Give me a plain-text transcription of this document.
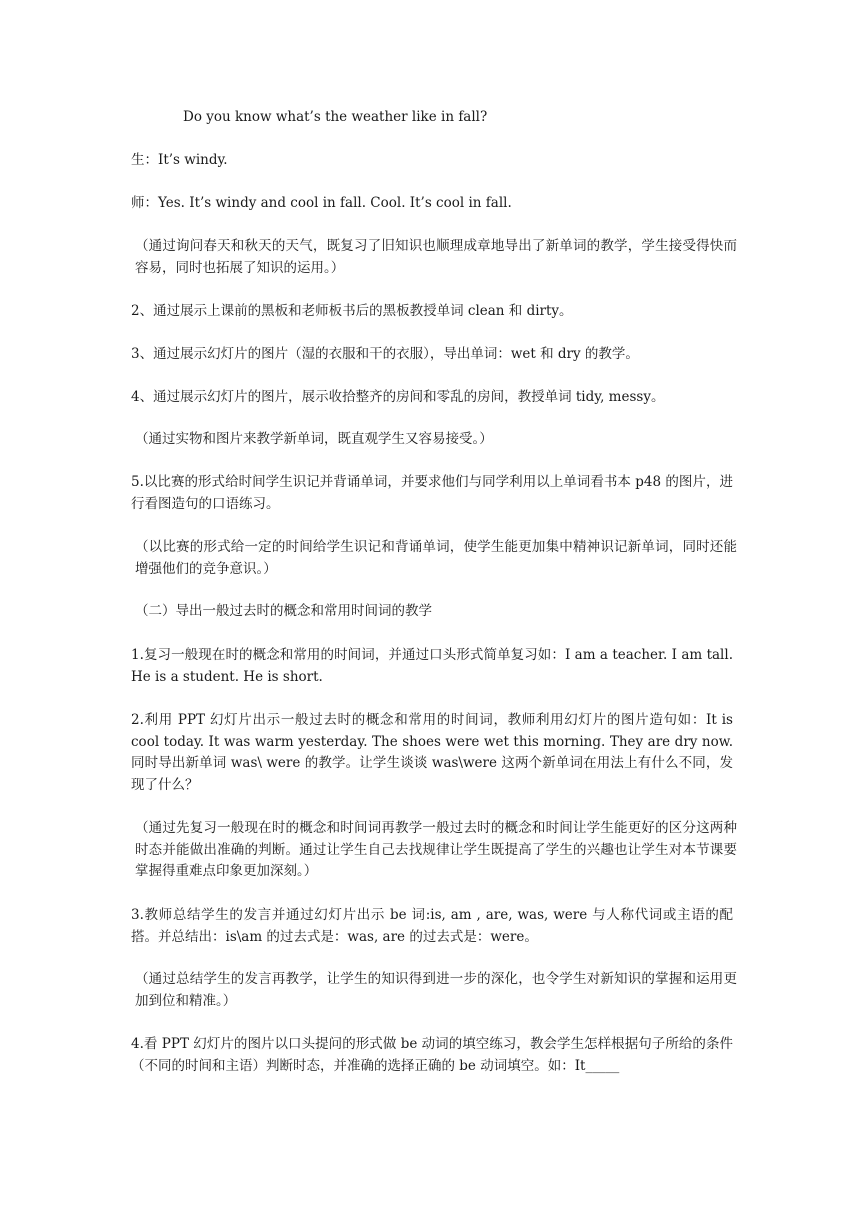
Do you know what’s the weather like in fall?

生：It’s windy.

师：Yes. It’s windy and cool in fall. Cool. It’s cool in fall.

（通过询问春天和秋天的天气，既复习了旧知识也顺理成章地导出了新单词的教学，学生接受得快而容易，同时也拓展了知识的运用。）

2、通过展示上课前的黑板和老师板书后的黑板教授单词 clean 和 dirty。

3、通过展示幻灯片的图片（湿的衣服和干的衣服），导出单词：wet 和 dry 的教学。

4、通过展示幻灯片的图片，展示收拾整齐的房间和零乱的房间，教授单词 tidy, messy。

（通过实物和图片来教学新单词，既直观学生又容易接受。）

5.以比赛的形式给时间学生识记并背诵单词，并要求他们与同学利用以上单词看书本 p48 的图片，进行看图造句的口语练习。

（以比赛的形式给一定的时间给学生识记和背诵单词，使学生能更加集中精神识记新单词，同时还能增强他们的竞争意识。）

（二）导出一般过去时的概念和常用时间词的教学

1.复习一般现在时的概念和常用的时间词，并通过口头形式简单复习如：I am a teacher. I am tall. He is a student. He is short.

2.利用 PPT 幻灯片出示一般过去时的概念和常用的时间词，教师利用幻灯片的图片造句如：It is cool today. It was warm yesterday. The shoes were wet this morning. They are dry now.同时导出新单词 was\ were 的教学。让学生谈谈 was\were 这两个新单词在用法上有什么不同，发现了什么？

（通过先复习一般现在时的概念和时间词再教学一般过去时的概念和时间让学生能更好的区分这两种时态并能做出准确的判断。通过让学生自己去找规律让学生既提高了学生的兴趣也让学生对本节课要掌握得重难点印象更加深刻。）

3.教师总结学生的发言并通过幻灯片出示 be 词:is, am , are, was, were 与人称代词或主语的配搭。并总结出：is\am 的过去式是：was, are 的过去式是：were。

（通过总结学生的发言再教学，让学生的知识得到进一步的深化，也令学生对新知识的掌握和运用更加到位和精准。）

4.看 PPT 幻灯片的图片以口头提问的形式做 be 动词的填空练习，教会学生怎样根据句子所给的条件（不同的时间和主语）判断时态，并准确的选择正确的 be 动词填空。如：It_____
